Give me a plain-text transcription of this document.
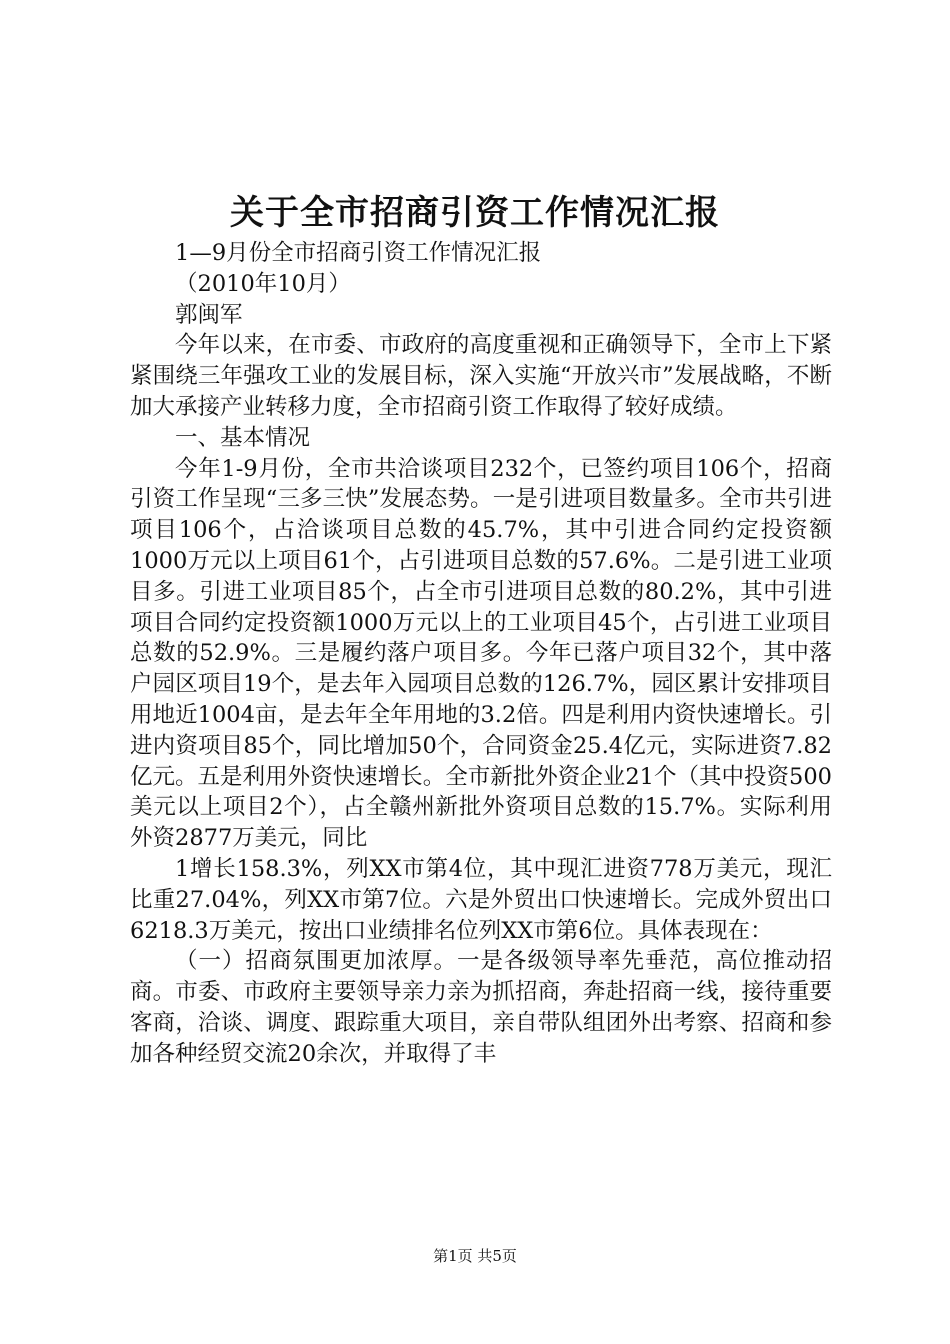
关于全市招商引资工作情况汇报

1—9月份全市招商引资工作情况汇报

（2010年10月）

郭闽军

今年以来，在市委、市政府的高度重视和正确领导下，全市上下紧紧围绕三年强攻工业的发展目标，深入实施“开放兴市”发展战略，不断加大承接产业转移力度，全市招商引资工作取得了较好成绩。

一、基本情况

今年1-9月份，全市共洽谈项目232个，已签约项目106个，招商引资工作呈现“三多三快”发展态势。一是引进项目数量多。全市共引进项目106个，占洽谈项目总数的45.7%，其中引进合同约定投资额1000万元以上项目61个，占引进项目总数的57.6%。二是引进工业项目多。引进工业项目85个，占全市引进项目总数的80.2%，其中引进项目合同约定投资额1000万元以上的工业项目45个，占引进工业项目总数的52.9%。三是履约落户项目多。今年已落户项目32个，其中落户园区项目19个，是去年入园项目总数的126.7%，园区累计安排项目用地近1004亩，是去年全年用地的3.2倍。四是利用内资快速增长。引进内资项目85个，同比增加50个，合同资金25.4亿元，实际进资7.82亿元。五是利用外资快速增长。全市新批外资企业21个（其中投资500美元以上项目2个），占全赣州新批外资项目总数的15.7%。实际利用外资2877万美元，同比

1增长158.3%，列XX市第4位，其中现汇进资778万美元，现汇比重27.04%，列XX市第7位。六是外贸出口快速增长。完成外贸出口6218.3万美元，按出口业绩排名位列XX市第6位。具体表现在：

（一）招商氛围更加浓厚。一是各级领导率先垂范，高位推动招商。市委、市政府主要领导亲力亲为抓招商，奔赴招商一线，接待重要客商，洽谈、调度、跟踪重大项目，亲自带队组团外出考察、招商和参加各种经贸交流20余次，并取得了丰

第1页 共5页
